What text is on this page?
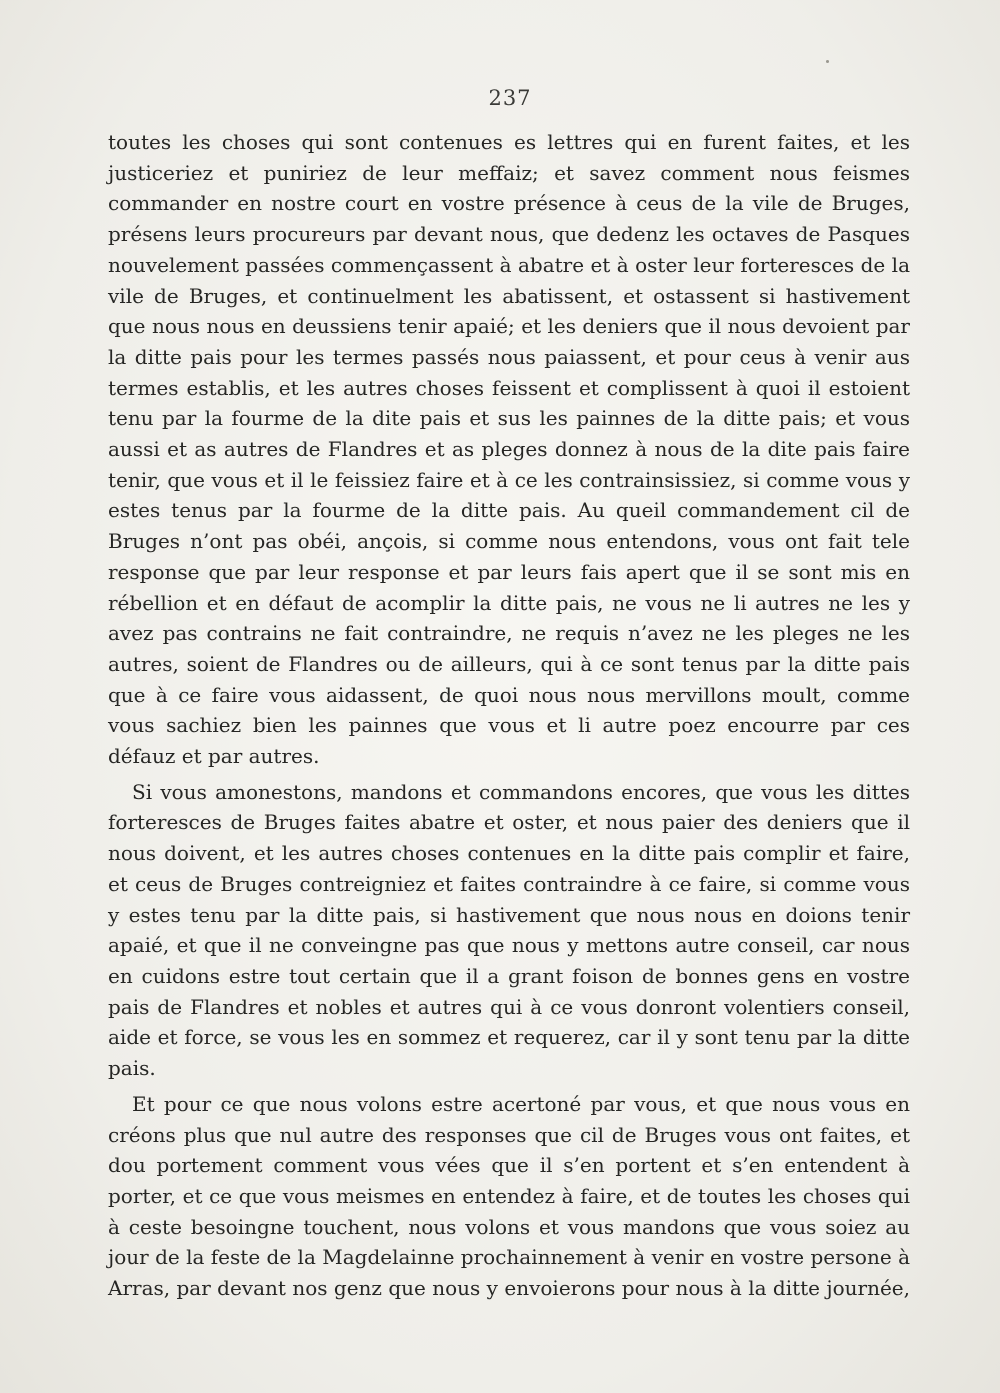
237

toutes les choses qui sont contenues es lettres qui en furent faites, et les justiceriez et puniriez de leur meffaiz; et savez comment nous feismes commander en nostre court en vostre présence à ceus de la vile de Bruges, présens leurs procureurs par devant nous, que dedenz les octaves de Pasques nouvelement passées commençassent à abatre et à oster leur forteresces de la vile de Bruges, et continuelment les abatissent, et ostassent si hastivement que nous nous en deussiens tenir apaié; et les deniers que il nous devoient par la ditte pais pour les termes passés nous paiassent, et pour ceus à venir aus termes establis, et les autres choses feissent et complissent à quoi il estoient tenu par la fourme de la dite pais et sus les painnes de la ditte pais; et vous aussi et as autres de Flandres et as pleges donnez à nous de la dite pais faire tenir, que vous et il le feissiez faire et à ce les contrainsissiez, si comme vous y estes tenus par la fourme de la ditte pais. Au queil commandement cil de Bruges n’ont pas obéi, ançois, si comme nous entendons, vous ont fait tele response que par leur response et par leurs fais apert que il se sont mis en rébellion et en défaut de acomplir la ditte pais, ne vous ne li autres ne les y avez pas contrains ne fait contraindre, ne requis n’avez ne les pleges ne les autres, soient de Flandres ou de ailleurs, qui à ce sont tenus par la ditte pais que à ce faire vous aidassent, de quoi nous nous mervillons moult, comme vous sachiez bien les painnes que vous et li autre poez encourre par ces défauz et par autres.

Si vous amonestons, mandons et commandons encores, que vous les dittes forteresces de Bruges faites abatre et oster, et nous paier des deniers que il nous doivent, et les autres choses contenues en la ditte pais complir et faire, et ceus de Bruges contreigniez et faites contraindre à ce faire, si comme vous y estes tenu par la ditte pais, si hastivement que nous nous en doions tenir apaié, et que il ne conveingne pas que nous y mettons autre conseil, car nous en cuidons estre tout certain que il a grant foison de bonnes gens en vostre pais de Flandres et nobles et autres qui à ce vous donront volentiers conseil, aide et force, se vous les en sommez et requerez, car il y sont tenu par la ditte pais.

Et pour ce que nous volons estre acertoné par vous, et que nous vous en créons plus que nul autre des responses que cil de Bruges vous ont faites, et dou portement comment vous vées que il s’en portent et s’en entendent à porter, et ce que vous meismes en entendez à faire, et de toutes les choses qui à ceste besoingne touchent, nous volons et vous mandons que vous soiez au jour de la feste de la Magdelainne prochainnement à venir en vostre persone à Arras, par devant nos genz que nous y envoierons pour nous à la ditte journée,
